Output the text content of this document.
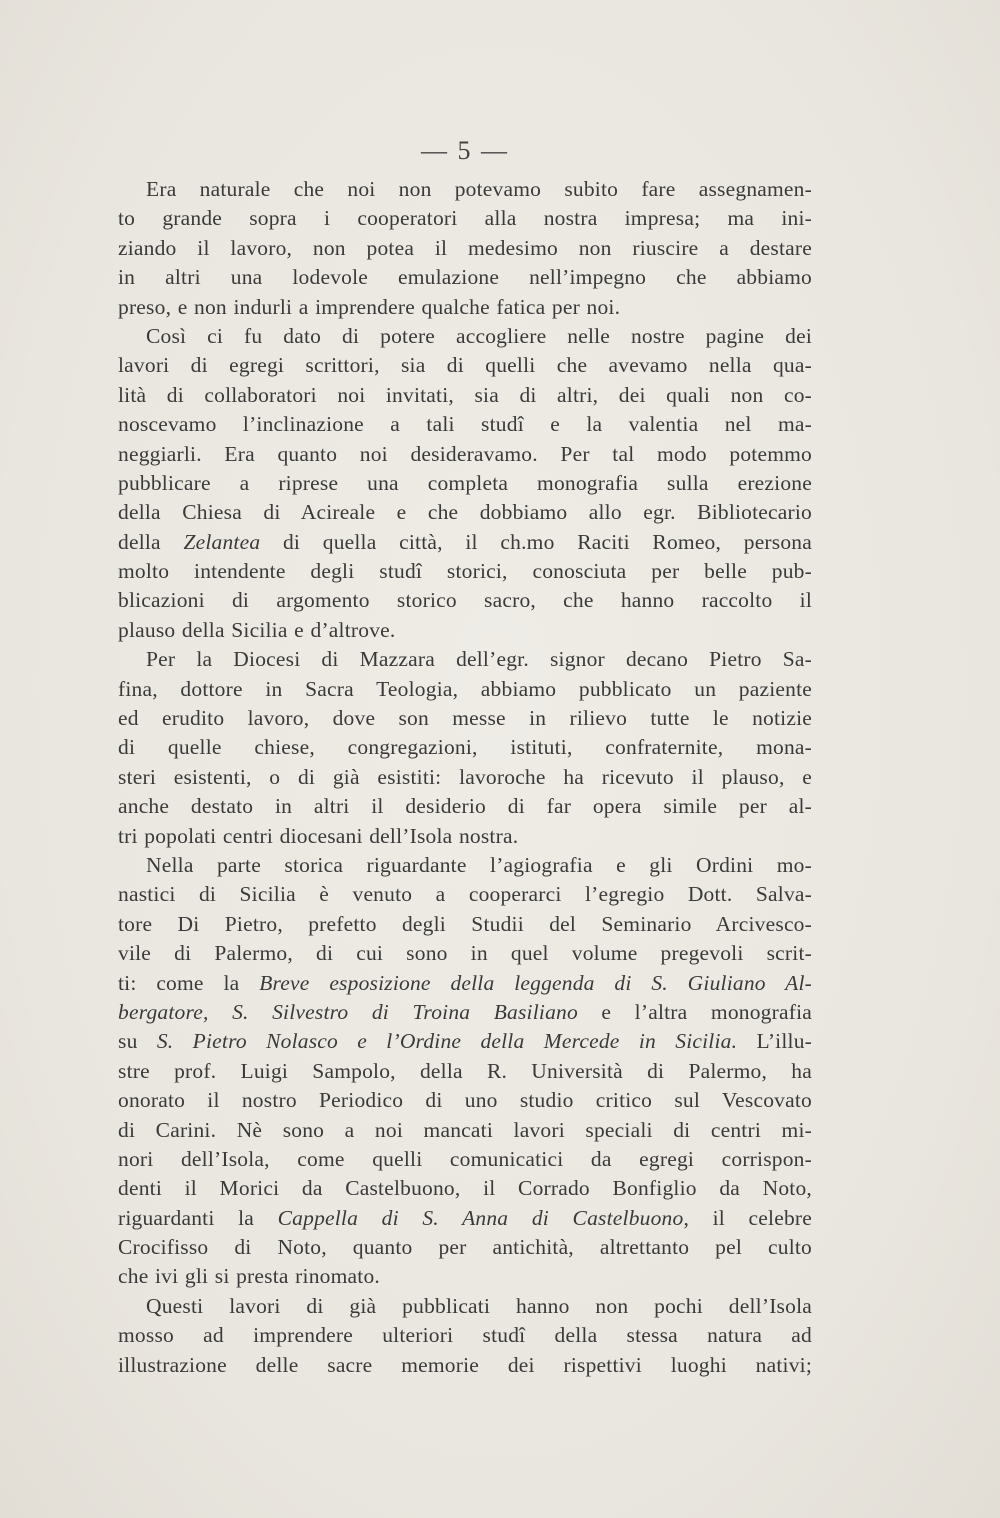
— 5 —
Era naturale che noi non potevamo subito fare assegnamen-
to grande sopra i cooperatori alla nostra impresa; ma ini-
ziando il lavoro, non potea il medesimo non riuscire a destare
in altri una lodevole emulazione nell’impegno che abbiamo
preso, e non indurli a imprendere qualche fatica per noi.
Così ci fu dato di potere accogliere nelle nostre pagine dei
lavori di egregi scrittori, sia di quelli che avevamo nella qua-
lità di collaboratori noi invitati, sia di altri, dei quali non co-
noscevamo l’inclinazione a tali studî e la valentia nel ma-
neggiarli. Era quanto noi desideravamo. Per tal modo potemmo
pubblicare a riprese una completa monografia sulla erezione
della Chiesa di Acireale e che dobbiamo allo egr. Bibliotecario
della Zelantea di quella città, il ch.mo Raciti Romeo, persona
molto intendente degli studî storici, conosciuta per belle pub-
blicazioni di argomento storico sacro, che hanno raccolto il
plauso della Sicilia e d’altrove.
Per la Diocesi di Mazzara dell’egr. signor decano Pietro Sa-
fina, dottore in Sacra Teologia, abbiamo pubblicato un paziente
ed erudito lavoro, dove son messe in rilievo tutte le notizie
di quelle chiese, congregazioni, istituti, confraternite, mona-
steri esistenti, o di già esistiti: lavoroche ha ricevuto il plauso, e
anche destato in altri il desiderio di far opera simile per al-
tri popolati centri diocesani dell’Isola nostra.
Nella parte storica riguardante l’agiografia e gli Ordini mo-
nastici di Sicilia è venuto a cooperarci l’egregio Dott. Salva-
tore Di Pietro, prefetto degli Studii del Seminario Arcivesco-
vile di Palermo, di cui sono in quel volume pregevoli scrit-
ti: come la Breve esposizione della leggenda di S. Giuliano Al-
bergatore, S. Silvestro di Troina Basiliano e l’altra monografia
su S. Pietro Nolasco e l’Ordine della Mercede in Sicilia. L’illu-
stre prof. Luigi Sampolo, della R. Università di Palermo, ha
onorato il nostro Periodico di uno studio critico sul Vescovato
di Carini. Nè sono a noi mancati lavori speciali di centri mi-
nori dell’Isola, come quelli comunicatici da egregi corrispon-
denti il Morici da Castelbuono, il Corrado Bonfiglio da Noto,
riguardanti la Cappella di S. Anna di Castelbuono, il celebre
Crocifisso di Noto, quanto per antichità, altrettanto pel culto
che ivi gli si presta rinomato.
Questi lavori di già pubblicati hanno non pochi dell’Isola
mosso ad imprendere ulteriori studî della stessa natura ad
illustrazione delle sacre memorie dei rispettivi luoghi nativi;
